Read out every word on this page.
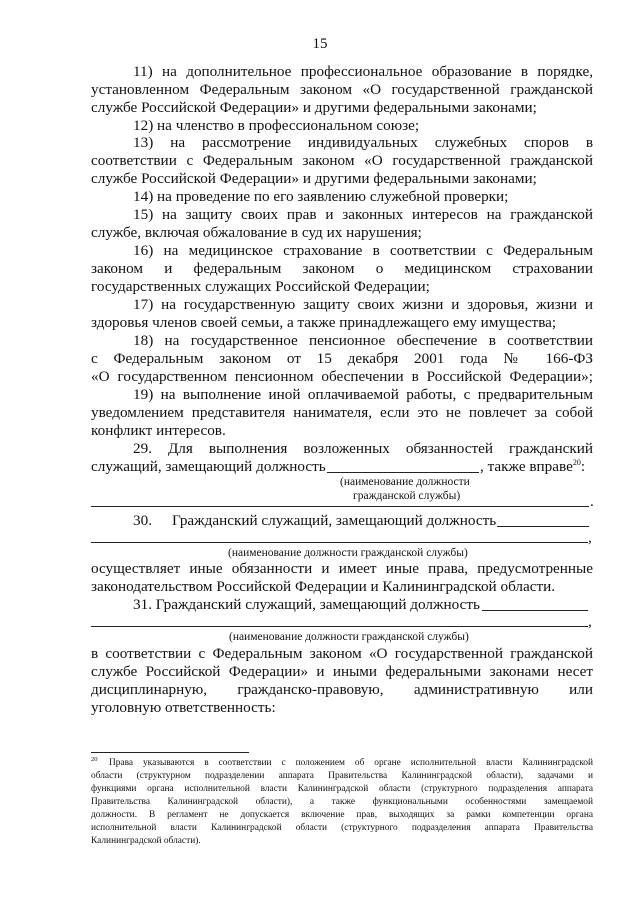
15
11) на дополнительное профессиональное образование в порядке,
установленном Федеральным законом «О государственной гражданской
службе Российской Федерации» и другими федеральными законами;
12) на членство в профессиональном союзе;
13) на рассмотрение индивидуальных служебных споров в
соответствии с Федеральным законом «О государственной гражданской
службе Российской Федерации» и другими федеральными законами;
14) на проведение по его заявлению служебной проверки;
15) на защиту своих прав и законных интересов на гражданской
службе, включая обжалование в суд их нарушения;
16) на медицинское страхование в соответствии с Федеральным
законом и федеральным законом о медицинском страховании
государственных служащих Российской Федерации;
17) на государственную защиту своих жизни и здоровья, жизни и
здоровья членов своей семьи, а также принадлежащего ему имущества;
18) на государственное пенсионное обеспечение в соответствии
с Федеральным законом от 15 декабря 2001 года № 166-ФЗ
«О государственном пенсионном обеспечении в Российской Федерации»;
19) на выполнение иной оплачиваемой работы, с предварительным
уведомлением представителя нанимателя, если это не повлечет за собой
конфликт интересов.
29. Для выполнения возложенных обязанностей гражданский
служащий, замещающий должность	, также вправе$^{20}$:
(наименование должности
гражданской службы)	.
30. Гражданский служащий, замещающий должность
,
(наименование должности гражданской службы)
осуществляет иные обязанности и имеет иные права, предусмотренные
законодательством Российской Федерации и Калининградской области.
31. Гражданский служащий, замещающий должность
,
(наименование должности гражданской службы)
в соответствии с Федеральным законом «О государственной гражданской
службе Российской Федерации» и иными федеральными законами несет
дисциплинарную, гражданско-правовую, административную или
уголовную ответственность:
$^{20}$ Права указываются в соответствии с положением об органе исполнительной власти Калининградской
области (структурном подразделении аппарата Правительства Калининградской области), задачами и
функциями органа исполнительной власти Калининградской области (структурного подразделения аппарата
Правительства Калининградской области), а также функциональными особенностями замещаемой
должности. В регламент не допускается включение прав, выходящих за рамки компетенции органа
исполнительной власти Калининградской области (структурного подразделения аппарата Правительства
Калининградской области).
